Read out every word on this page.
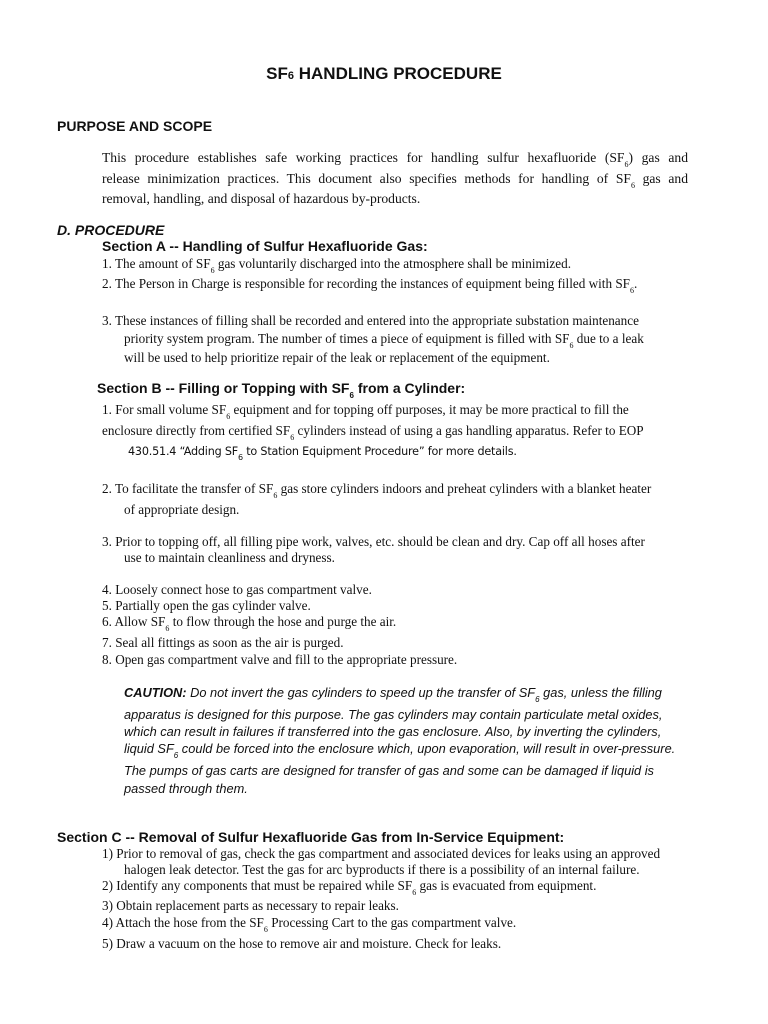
SF6 HANDLING PROCEDURE
PURPOSE AND SCOPE
This procedure establishes safe working practices for handling sulfur hexafluoride $(SF_6)$ gas and
release minimization practices. This document also specifies methods for handling of $SF_6$ gas and
removal, handling, and disposal of hazardous by-products.
D. PROCEDURE
Section A -- Handling of Sulfur Hexafluoride Gas:
1. The amount of $SF_6$ gas voluntarily discharged into the atmosphere shall be minimized.
2. The Person in Charge is responsible for recording the instances of equipment being filled with $SF_6$.
3. These instances of filling shall be recorded and entered into the appropriate substation maintenance
priority system program. The number of times a piece of equipment is filled with $SF_6$ due to a leak
will be used to help prioritize repair of the leak or replacement of the equipment.
Section B -- Filling or Topping with $SF_6$ from a Cylinder:
1. For small volume $SF_6$ equipment and for topping off purposes, it may be more practical to fill the
enclosure directly from certified $SF_6$ cylinders instead of using a gas handling apparatus. Refer to EOP
430.51.4 “Adding $SF_6$ to Station Equipment Procedure” for more details.
2. To facilitate the transfer of $SF_6$ gas store cylinders indoors and preheat cylinders with a blanket heater
of appropriate design.
3. Prior to topping off, all filling pipe work, valves, etc. should be clean and dry. Cap off all hoses after
use to maintain cleanliness and dryness.
4. Loosely connect hose to gas compartment valve.
5. Partially open the gas cylinder valve.
6. Allow $SF_6$ to flow through the hose and purge the air.
7. Seal all fittings as soon as the air is purged.
8. Open gas compartment valve and fill to the appropriate pressure.
CAUTION: Do not invert the gas cylinders to speed up the transfer of $SF_6$ gas, unless the filling
apparatus is designed for this purpose. The gas cylinders may contain particulate metal oxides,
which can result in failures if transferred into the gas enclosure. Also, by inverting the cylinders,
liquid $SF_6$ could be forced into the enclosure which, upon evaporation, will result in over-pressure.
The pumps of gas carts are designed for transfer of gas and some can be damaged if liquid is
passed through them.
Section C -- Removal of Sulfur Hexafluoride Gas from In-Service Equipment:
1) Prior to removal of gas, check the gas compartment and associated devices for leaks using an approved
halogen leak detector. Test the gas for arc byproducts if there is a possibility of an internal failure.
2) Identify any components that must be repaired while $SF_6$ gas is evacuated from equipment.
3) Obtain replacement parts as necessary to repair leaks.
4) Attach the hose from the $SF_6$ Processing Cart to the gas compartment valve.
5) Draw a vacuum on the hose to remove air and moisture. Check for leaks.
